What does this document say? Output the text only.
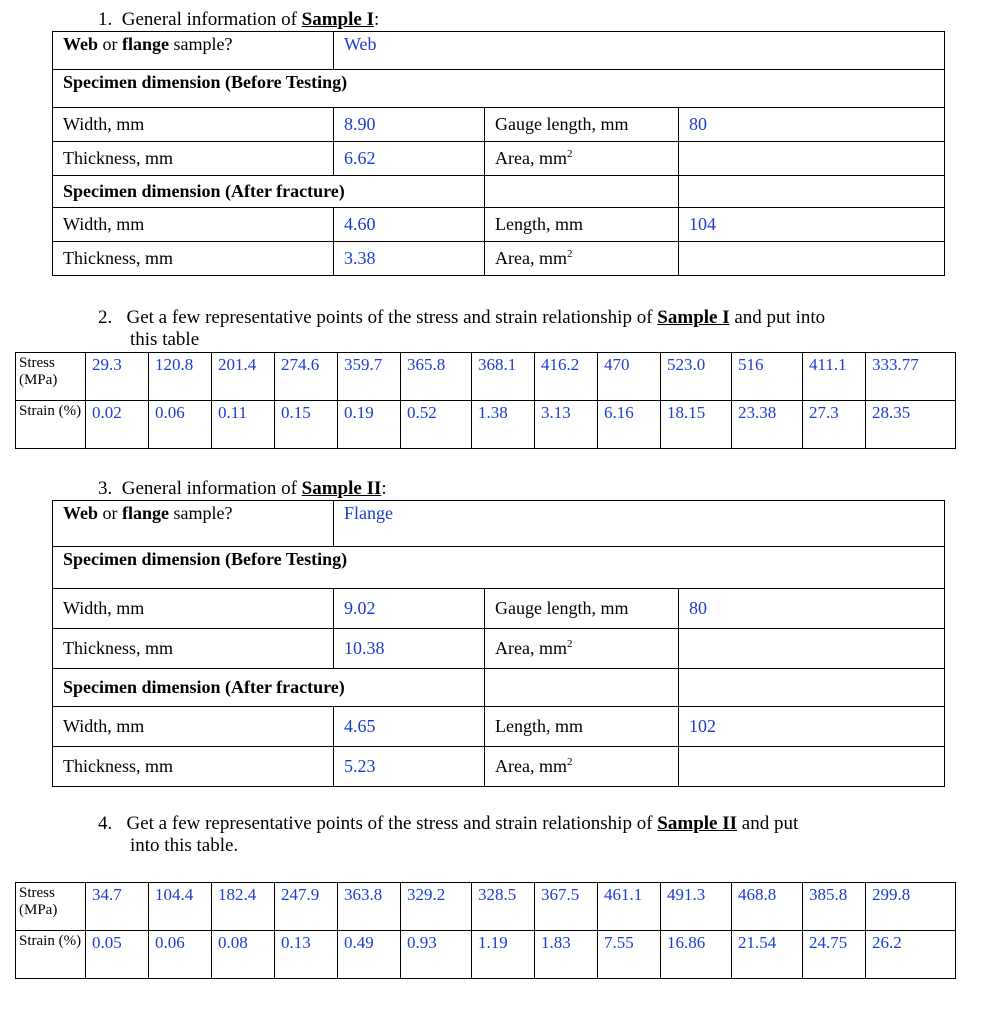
1. General information of Sample I:
Web or flange sample?	Web		
Specimen dimension (Before Testing)			
Width, mm	8.90	Gauge length, mm	80
Thickness, mm	6.62	Area, $mm^2$	
Specimen dimension (After fracture)			
Width, mm	4.60	Length, mm	104
Thickness, mm	3.38	Area, $mm^2$	
2. Get a few representative points of the stress and strain relationship of Sample I and put into
this table
Stress (MPa)	29.3	120.8	201.4	274.6	359.7	365.8	368.1	416.2	470	523.0	516	411.1	333.77
Strain (%)	0.02	0.06	0.11	0.15	0.19	0.52	1.38	3.13	6.16	18.15	23.38	27.3	28.35
3. General information of Sample II:
Web or flange sample?	Flange		
Specimen dimension (Before Testing)			
Width, mm	9.02	Gauge length, mm	80
Thickness, mm	10.38	Area, $mm^2$	
Specimen dimension (After fracture)			
Width, mm	4.65	Length, mm	102
Thickness, mm	5.23	Area, $mm^2$	
4. Get a few representative points of the stress and strain relationship of Sample II and put
into this table.
Stress (MPa)	34.7	104.4	182.4	247.9	363.8	329.2	328.5	367.5	461.1	491.3	468.8	385.8	299.8
Strain (%)	0.05	0.06	0.08	0.13	0.49	0.93	1.19	1.83	7.55	16.86	21.54	24.75	26.2
